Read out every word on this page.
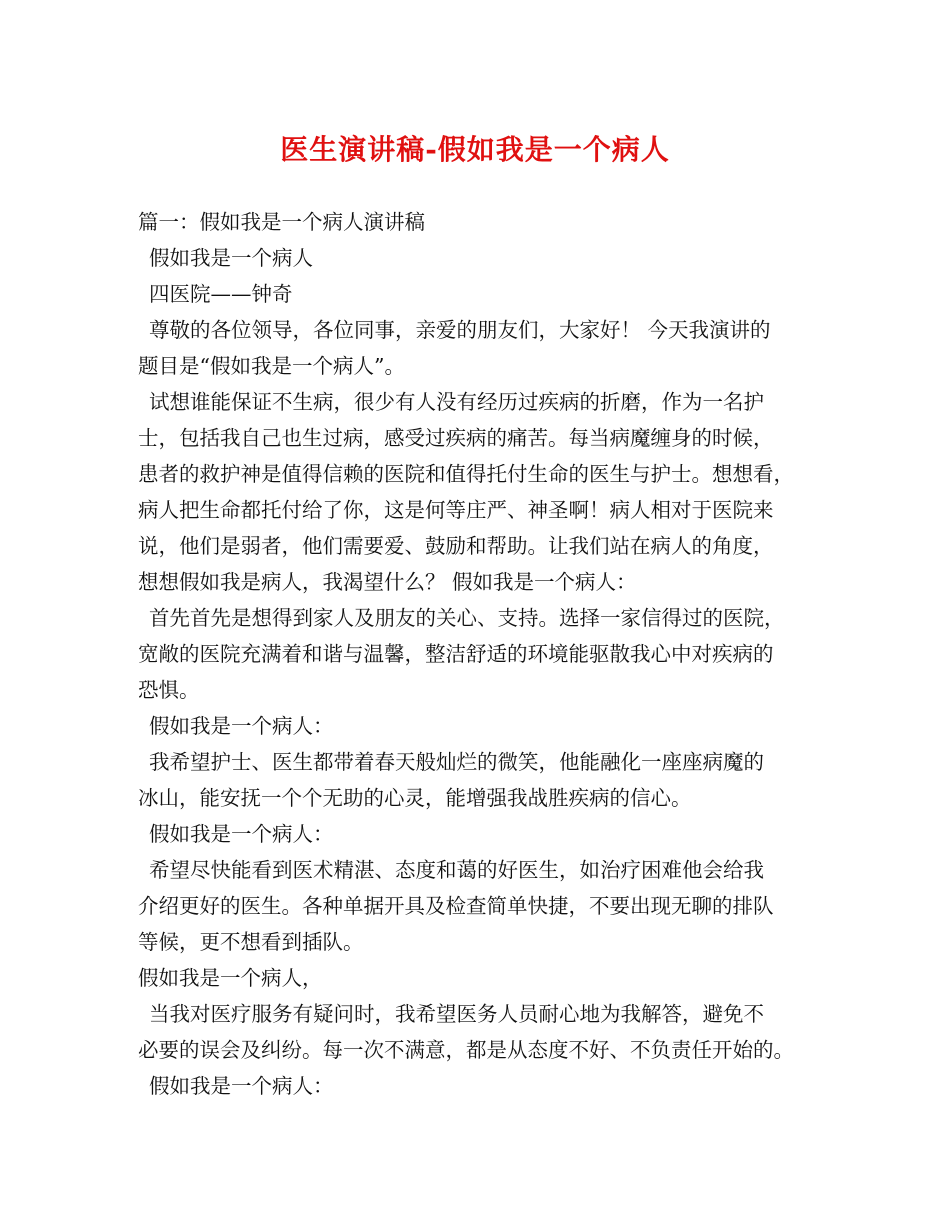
医生演讲稿-假如我是一个病人
篇一：假如我是一个病人演讲稿
假如我是一个病人
四医院——钟奇
尊敬的各位领导，各位同事，亲爱的朋友们，大家好！ 今天我演讲的
题目是“假如我是一个病人”。
试想谁能保证不生病，很少有人没有经历过疾病的折磨，作为一名护
士，包括我自己也生过病，感受过疾病的痛苦。每当病魔缠身的时候，
患者的救护神是值得信赖的医院和值得托付生命的医生与护士。想想看，
病人把生命都托付给了你，这是何等庄严、神圣啊！病人相对于医院来
说，他们是弱者，他们需要爱、鼓励和帮助。让我们站在病人的角度，
想想假如我是病人，我渴望什么？ 假如我是一个病人：
首先首先是想得到家人及朋友的关心、支持。选择一家信得过的医院，
宽敞的医院充满着和谐与温馨，整洁舒适的环境能驱散我心中对疾病的
恐惧。
假如我是一个病人：
我希望护士、医生都带着春天般灿烂的微笑，他能融化一座座病魔的
冰山，能安抚一个个无助的心灵，能增强我战胜疾病的信心。
假如我是一个病人：
希望尽快能看到医术精湛、态度和蔼的好医生，如治疗困难他会给我
介绍更好的医生。各种单据开具及检查简单快捷，不要出现无聊的排队
等候，更不想看到插队。
假如我是一个病人，
当我对医疗服务有疑问时，我希望医务人员耐心地为我解答，避免不
必要的误会及纠纷。每一次不满意，都是从态度不好、不负责任开始的。
假如我是一个病人：
